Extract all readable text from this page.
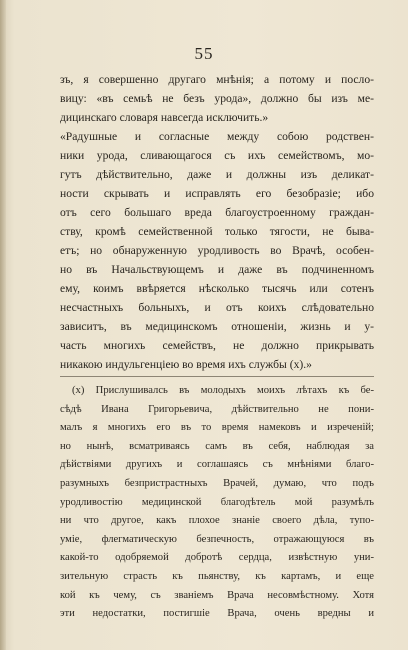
55
зъ, я совершенно другаго мнѣнія; а потому и посло-
вицу: «въ семьѣ не безъ урода», должно бы изъ ме-
дицинскаго словаря навсегда исключить.»
«Радушные и согласные между собою родствен-
ники урода, сливающагося съ ихъ семействомъ, мо-
гутъ дѣйствительно, даже и должны изъ деликат-
ности скрывать и исправлять его безобразіе; ибо
отъ сего большаго вреда благоустроенному граждан-
ству, кромѣ семейственной только тягости, не быва-
етъ; но обнаруженную уродливость во Врачѣ, особен-
но въ Начальствующемъ и даже въ подчиненномъ
ему, коимъ ввѣряется нѣсколько тысячь или сотенъ
несчастныхъ больныхъ, и отъ коихъ слѣдовательно
зависитъ, въ медицинскомъ отношеніи, жизнь и у-
часть многихъ семействъ, не должно прикрывать
никакою индульгенціею во время ихъ службы (х).»
(х) Прислушивалсь въ молодыхъ моихъ лѣтахъ къ бе-
сѣдѣ Ивана Григорьевича, дѣйствительно не пони-
малъ я многихъ его въ то время намековъ и изреченій;
но нынѣ, всматриваясь самъ въ себя, наблюдая за
дѣйствіями другихъ и соглашаясь съ мнѣніями благо-
разумныхъ безпристрастныхъ Врачей, думаю, что подъ
уродливостію медицинской благодѣтель мой разумѣлъ
ни что другое, какъ плохое знаніе своего дѣла, тупо-
уміе, флегматическую безпечность, отражающуюся въ
какой-то одобряемой добротѣ сердца, извѣстную уни-
зительную страсть къ пьянству, къ картамъ, и еще
кой къ чему, съ званіемъ Врача несовмѣстному. Хотя
эти недостатки, постигшіе Врача, очень вредны и
